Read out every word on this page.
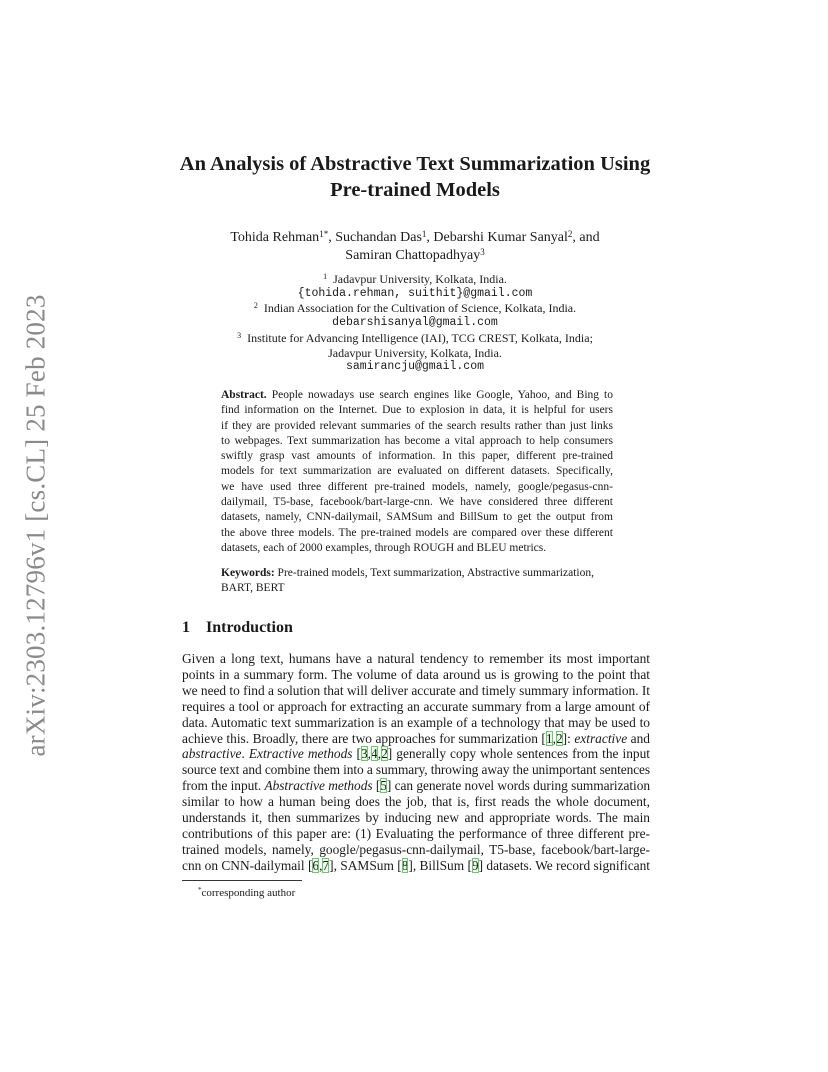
arXiv:2303.12796v1 [cs.CL] 25 Feb 2023
An Analysis of Abstractive Text Summarization Using
Pre-trained Models
Tohida Rehman$^{1*}$, Suchandan Das$^1$, Debarshi Kumar Sanyal$^2$, and
Samiran Chattopadhyay$^3$
$^1$ Jadavpur University, Kolkata, India.
{tohida.rehman, suithit}@gmail.com
$^2$ Indian Association for the Cultivation of Science, Kolkata, India.
debarshisanyal@gmail.com
$^3$ Institute for Advancing Intelligence (IAI), TCG CREST, Kolkata, India;
Jadavpur University, Kolkata, India.
samirancju@gmail.com
Abstract. People nowadays use search engines like Google, Yahoo, and Bing to
find information on the Internet. Due to explosion in data, it is helpful for users
if they are provided relevant summaries of the search results rather than just links
to webpages. Text summarization has become a vital approach to help consumers
swiftly grasp vast amounts of information. In this paper, different pre-trained
models for text summarization are evaluated on different datasets. Specifically,
we have used three different pre-trained models, namely, google/pegasus-cnn-
dailymail, T5-base, facebook/bart-large-cnn. We have considered three different
datasets, namely, CNN-dailymail, SAMSum and BillSum to get the output from
the above three models. The pre-trained models are compared over these different
datasets, each of 2000 examples, through ROUGH and BLEU metrics.
Keywords: Pre-trained models, Text summarization, Abstractive summarization,
BART, BERT
1 Introduction
Given a long text, humans have a natural tendency to remember its most important
points in a summary form. The volume of data around us is growing to the point that
we need to find a solution that will deliver accurate and timely summary information. It
requires a tool or approach for extracting an accurate summary from a large amount of
data. Automatic text summarization is an example of a technology that may be used to
achieve this. Broadly, there are two approaches for summarization [1,2]: extractive and
abstractive. Extractive methods [3,4,2] generally copy whole sentences from the input
source text and combine them into a summary, throwing away the unimportant sentences
from the input. Abstractive methods [5] can generate novel words during summarization
similar to how a human being does the job, that is, first reads the whole document,
understands it, then summarizes by inducing new and appropriate words. The main
contributions of this paper are: (1) Evaluating the performance of three different pre-
trained models, namely, google/pegasus-cnn-dailymail, T5-base, facebook/bart-large-
cnn on CNN-dailymail [6,7], SAMSum [8], BillSum [9] datasets. We record significant
*corresponding author
